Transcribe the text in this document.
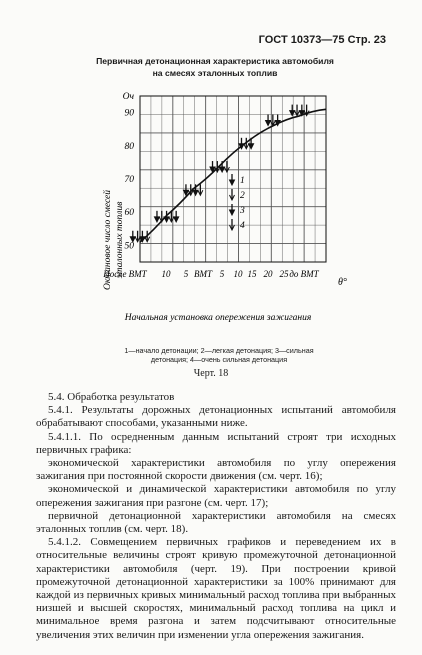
ГОСТ 10373—75 Стр. 23
Первичная детонационная характеристика автомобиля
на смесях эталонных топлив
50
60
70
80
90
Оч
После ВМТ 10 5 ВМТ 5 10 15 20 25 до ВМТ
θ°
Октановое число смесей эталонных топлив
Начальная установка опережения зажигания
1
2
3
4
1—начало детонации; 2—легкая детонация; 3—сильная
детонация; 4—очень сильная детонация
Черт. 18

5.4. Обработка результатов

5.4.1. Результаты дорожных детонационных испытаний автомобиля обрабатывают способами, указанными ниже.

5.4.1.1. По осредненным данным испытаний строят три исходных первичных графика:

экономической характеристики автомобиля по углу опережения зажигания при постоянной скорости движения (см. черт. 16);

экономической и динамической характеристики автомобиля по углу опережения зажигания при разгоне (см. черт. 17);

первичной детонационной характеристики автомобиля на смесях эталонных топлив (см. черт. 18).

5.4.1.2. Совмещением первичных графиков и переведением их в относительные величины строят кривую промежуточной детонационной характеристики автомобиля (черт. 19). При построении кривой промежуточной детонационной характеристики за 100% принимают для каждой из первичных кривых минимальный расход топлива при выбранных низшей и высшей скоростях, минимальный расход топлива на цикл и минимальное время разгона и затем подсчитывают относительные увеличения этих величин при изменении угла опережения зажигания.
